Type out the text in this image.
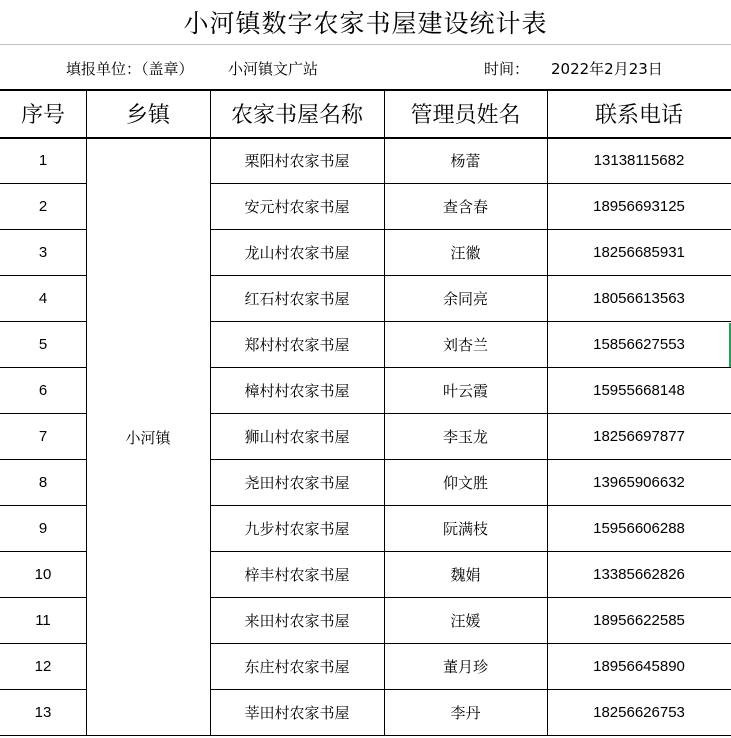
小河镇数字农家书屋建设统计表
填报单位：（盖章） 小河镇文广站	时间： 2022年2月23日
序号	乡镇	农家书屋名称	管理员姓名	联系电话
小河镇
1	栗阳村农家书屋	杨蕾	13138115682
2	安元村农家书屋	查含春	18956693125
3	龙山村农家书屋	汪徽	18256685931
4	红石村农家书屋	余同亮	18056613563
5	郑村村农家书屋	刘杏兰	15856627553
6	樟村村农家书屋	叶云霞	15955668148
7	狮山村农家书屋	李玉龙	18256697877
8	尧田村农家书屋	仰文胜	13965906632
9	九步村农家书屋	阮满枝	15956606288
10	梓丰村农家书屋	魏娟	13385662826
11	来田村农家书屋	汪媛	18956622585
12	东庄村农家书屋	董月珍	18956645890
13	莘田村农家书屋	李丹	18256626753
